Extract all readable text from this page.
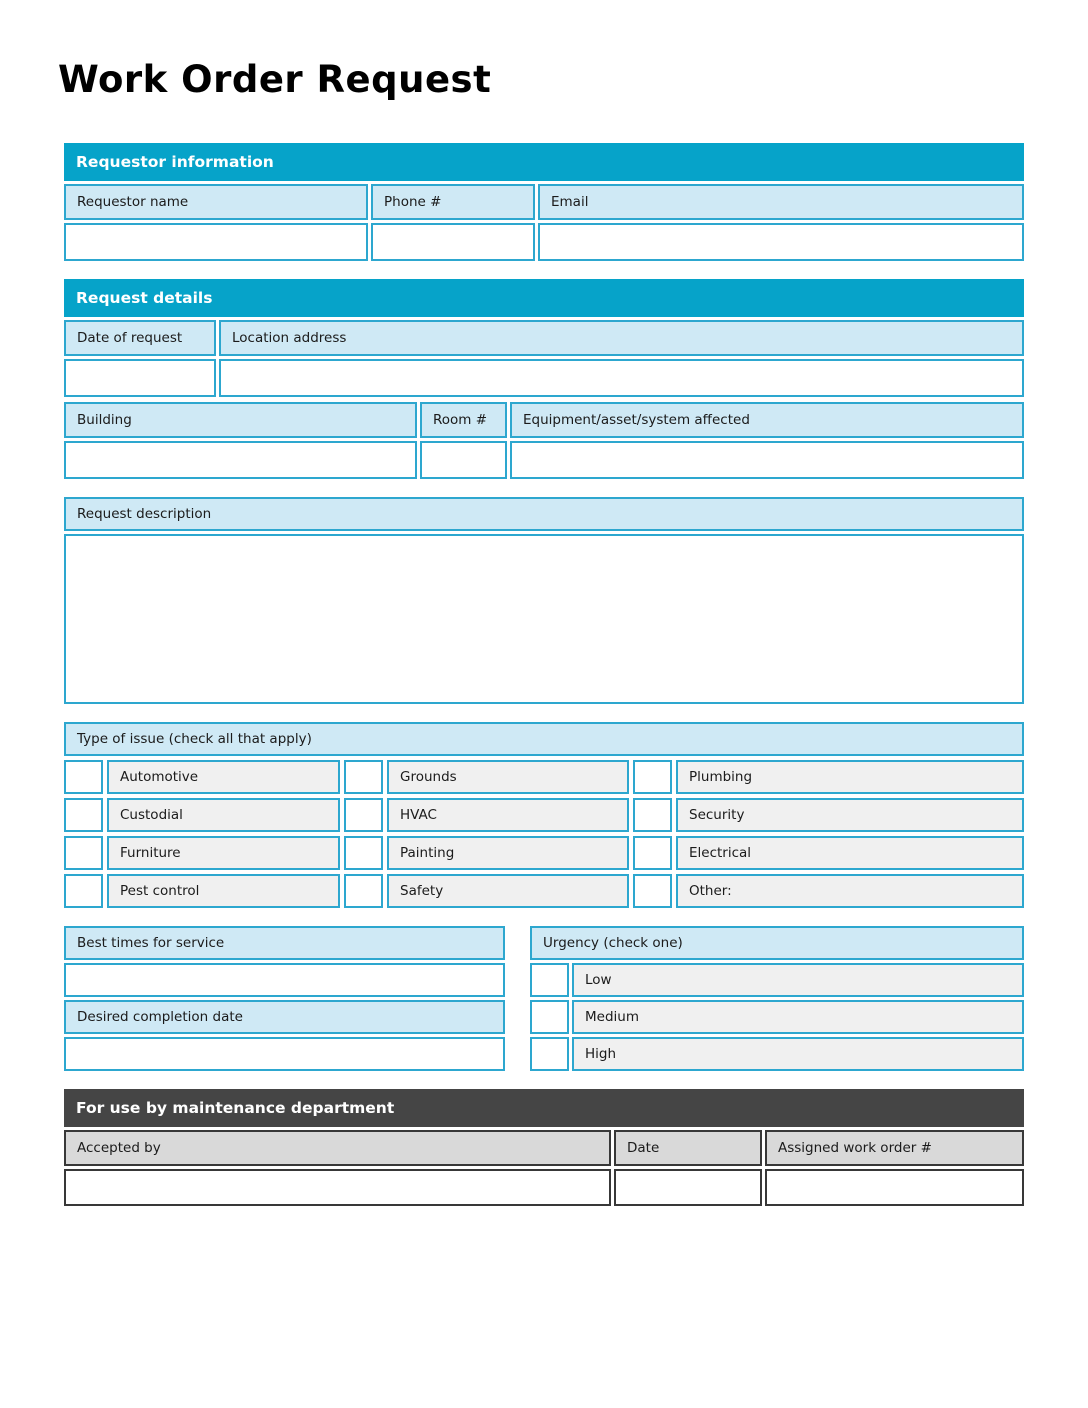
Work Order Request
Requestor information
Requestor name	Phone #	Email
Request details
Date of request	Location address
Building	Room #	Equipment/asset/system affected
Request description
Type of issue (check all that apply)
Automotive	Grounds	Plumbing
Custodial	HVAC	Security
Furniture	Painting	Electrical
Pest control	Safety	Other:
Best times for service
Desired completion date
Urgency (check one)
Low
Medium
High
For use by maintenance department
Accepted by	Date	Assigned work order #
